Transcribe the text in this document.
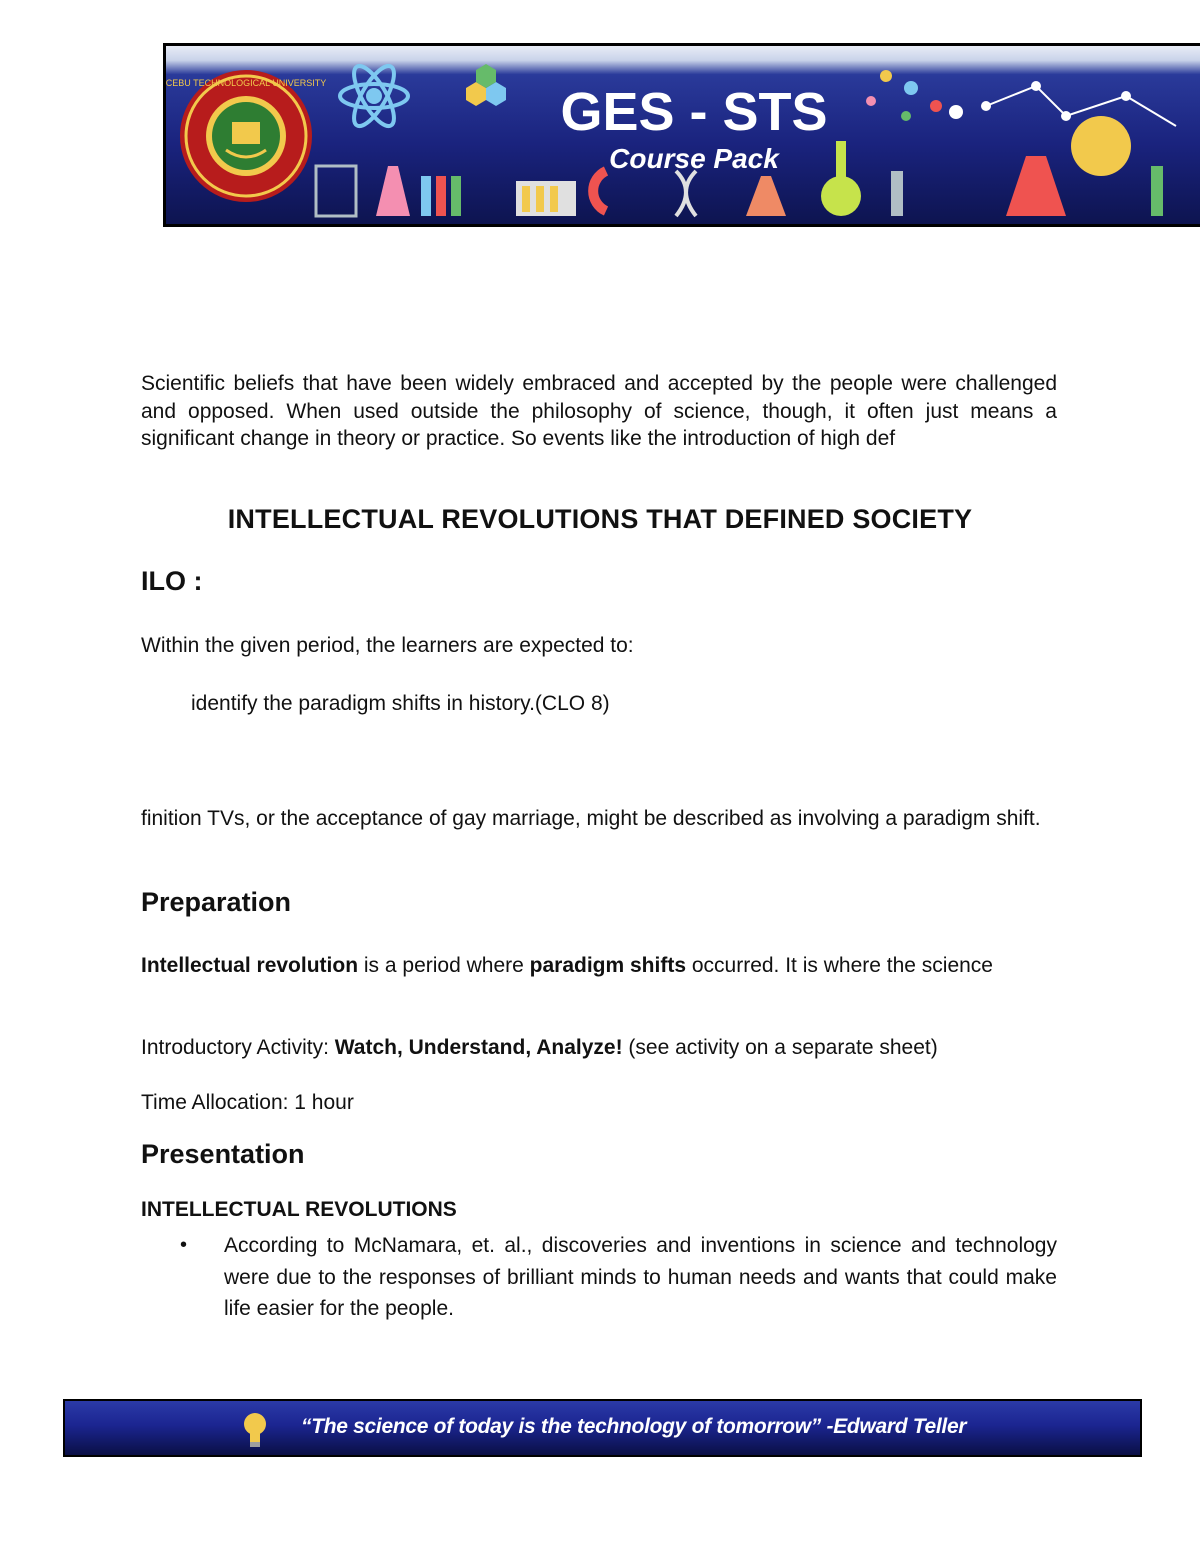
CEBU TECHNOLOGICAL UNIVERSITY	GES - STS
Course Pack
Scientific beliefs that have been widely embraced and accepted by the people were challenged and opposed. When used outside the philosophy of science, though, it often just means a significant change in theory or practice. So events like the introduction of high def
INTELLECTUAL REVOLUTIONS THAT DEFINED SOCIETY
ILO :
Within the given period, the learners are expected to:
identify the paradigm shifts in history.(CLO 8)
finition TVs, or the acceptance of gay marriage, might be described as involving a paradigm shift.
Preparation
Intellectual revolution is a period where paradigm shifts occurred. It is where the science
Introductory Activity: Watch, Understand, Analyze! (see activity on a separate sheet)
Time Allocation: 1 hour
Presentation
INTELLECTUAL REVOLUTIONS
• According to McNamara, et. al., discoveries and inventions in science and technology were due to the responses of brilliant minds to human needs and wants that could make life easier for the people.
“The science of today is the technology of tomorrow” -Edward Teller
